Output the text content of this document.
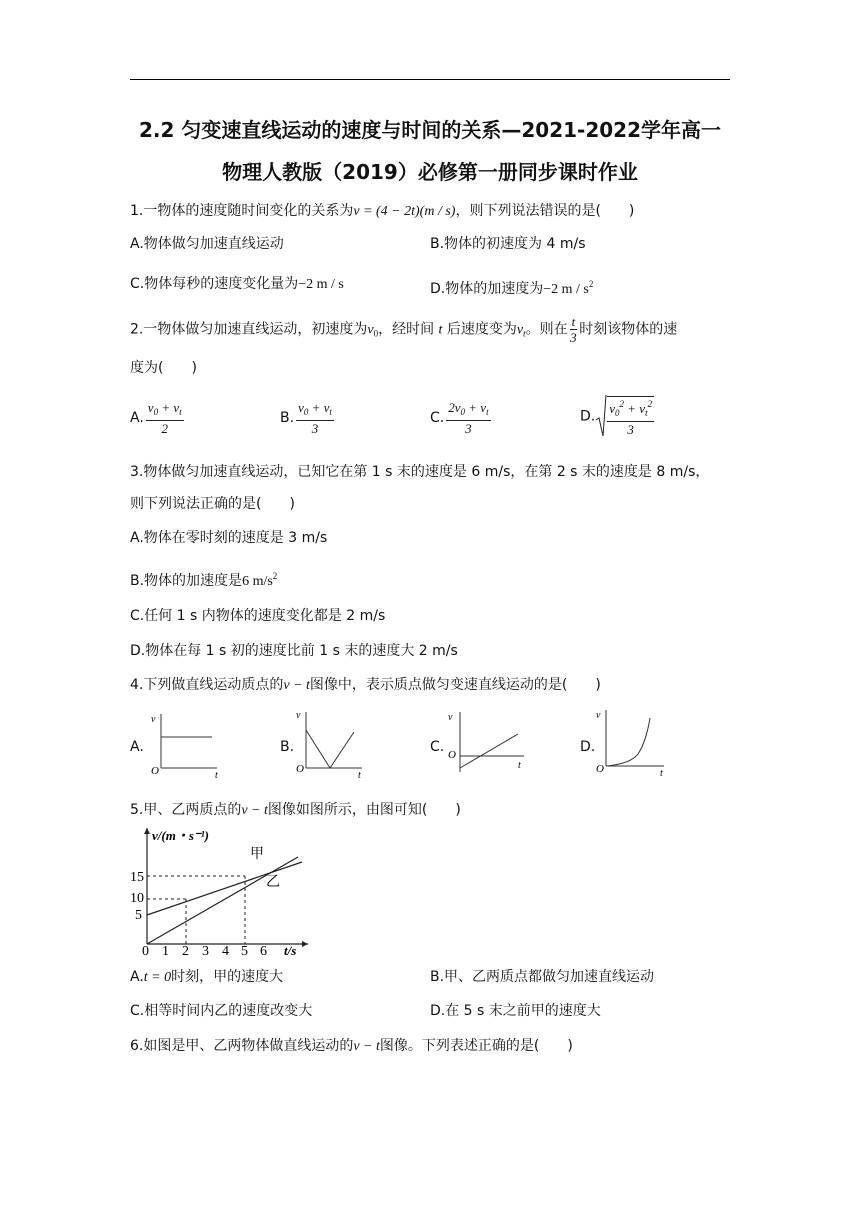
2.2 匀变速直线运动的速度与时间的关系—2021-2022学年高一
物理人教版（2019）必修第一册同步课时作业
1.一物体的速度随时间变化的关系为v = (4 − 2t)(m / s)，则下列说法错误的是(　　)
A.物体做匀加速直线运动	B.物体的初速度为 4 m/s
C.物体每秒的速度变化量为−2 m / s	D.物体的加速度为−2 m / $s^2$
2.一物体做匀加速直线运动，初速度为$v_0$，经时间 t 后速度变为$v_t$。则在 $\frac{t}{3}$ 时刻该物体的速
度为(　　)
A. $\frac{v_0 + v_t}{2}$	B. $\frac{v_0 + v_t}{3}$	C. $\frac{2v_0 + v_t}{3}$	D. $\frac{v_0^2 + v_t^2}{3}$
3.物体做匀加速直线运动，已知它在第 1 s 末的速度是 6 m/s，在第 2 s 末的速度是 8 m/s，
则下列说法正确的是(　　)
A.物体在零时刻的速度是 3 m/s
B.物体的加速度是6 $m/s^2$
C.任何 1 s 内物体的速度变化都是 2 m/s
D.物体在每 1 s 初的速度比前 1 s 末的速度大 2 m/s
4.下列做直线运动质点的v − t图像中，表示质点做匀变速直线运动的是(　　)
A.
v
O	t
B.
v
O
t
C.
v
O
t
D.
v
O	t
5.甲、乙两质点的v − t图像如图所示，由图可知(　　)
v/(m・s⁻¹)
甲
乙
15
10
5
0 1 2 3 4 5 6 t/s
A.t = 0时刻，甲的速度大	B.甲、乙两质点都做匀加速直线运动
C.相等时间内乙的速度改变大	D.在 5 s 末之前甲的速度大
6.如图是甲、乙两物体做直线运动的v − t图像。下列表述正确的是(　　)
